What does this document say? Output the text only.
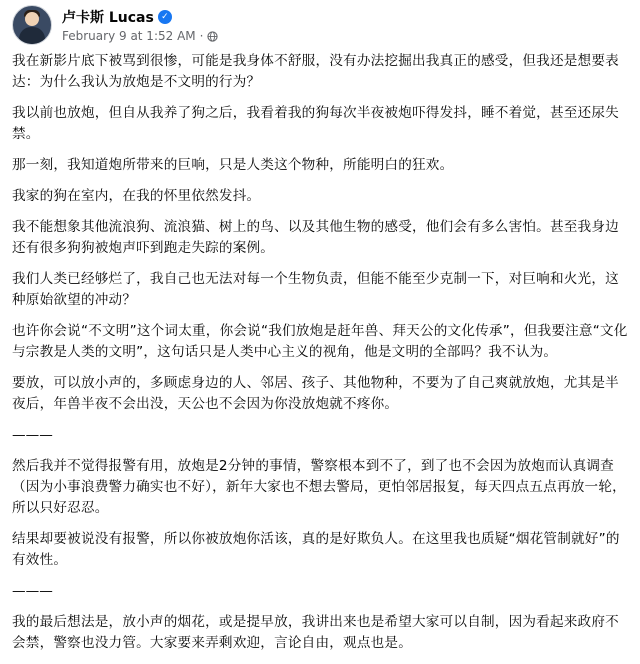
卢卡斯 Lucas ✓
February 9 at 1:52 AM ·

我在新影片底下被骂到很惨，可能是我身体不舒服，没有办法挖掘出我真正的感受，但我还是想要表达：为什么我认为放炮是不文明的行为？

我以前也放炮，但自从我养了狗之后，我看着我的狗每次半夜被炮吓得发抖，睡不着觉，甚至还尿失禁。

那一刻，我知道炮所带来的巨响，只是人类这个物种，所能明白的狂欢。

我家的狗在室内，在我的怀里依然发抖。

我不能想象其他流浪狗、流浪猫、树上的鸟、以及其他生物的感受，他们会有多么害怕。甚至我身边还有很多狗狗被炮声吓到跑走失踪的案例。

我们人类已经够烂了，我自己也无法对每一个生物负责，但能不能至少克制一下，对巨响和火光，这种原始欲望的冲动？

也许你会说“不文明”这个词太重，你会说“我们放炮是赶年兽、拜天公的文化传承”，但我要注意“文化与宗教是人类的文明”，这句话只是人类中心主义的视角，他是文明的全部吗？我不认为。

要放，可以放小声的，多顾虑身边的人、邻居、孩子、其他物种，不要为了自己爽就放炮，尤其是半夜后，年兽半夜不会出没，天公也不会因为你没放炮就不疼你。

———

然后我并不觉得报警有用，放炮是2分钟的事情，警察根本到不了，到了也不会因为放炮而认真调查（因为小事浪费警力确实也不好），新年大家也不想去警局，更怕邻居报复，每天四点五点再放一轮，所以只好忍忍。

结果却要被说没有报警，所以你被放炮你活该，真的是好欺负人。在这里我也质疑“烟花管制就好”的有效性。

———

我的最后想法是，放小声的烟花，或是提早放，我讲出来也是希望大家可以自制，因为看起来政府不会禁，警察也没力管。大家要来弄剩欢迎，言论自由，观点也是。
